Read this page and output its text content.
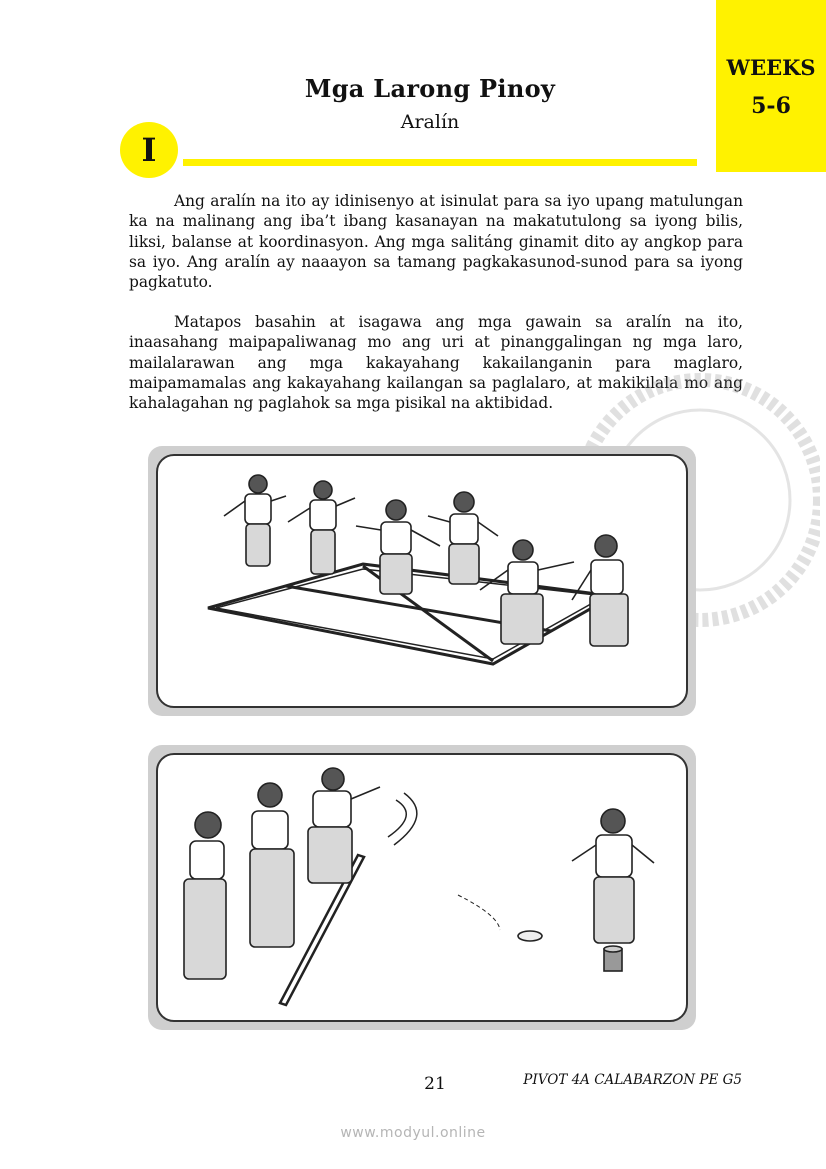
WEEKS
5-6
Mga Larong Pinoy
Aralín
I

Ang aralín na ito ay idinisenyo at isinulat para sa iyo upang matulungan ka na malinang ang iba’t ibang kasanayan na makatutulong sa iyong bilis, liksi, balanse at koordinasyon. Ang mga salitáng ginamit dito ay angkop para sa iyo. Ang aralín ay naaayon sa tamang pagkakasunod-sunod para sa iyong pagkatuto.

Matapos basahin at isagawa ang mga gawain sa aralín na ito, inaasahang maipapaliwanag mo ang uri at pinanggalingan ng mga laro, mailalarawan ang mga kakayahang kakailanganin para maglaro, maipamamalas ang kakayahang kailangan sa paglalaro, at makikilala mo ang kahalagahan ng paglahok sa mga pisikal na aktibidad.

21	PIVOT 4A CALABARZON PE G5
www.modyul.online
